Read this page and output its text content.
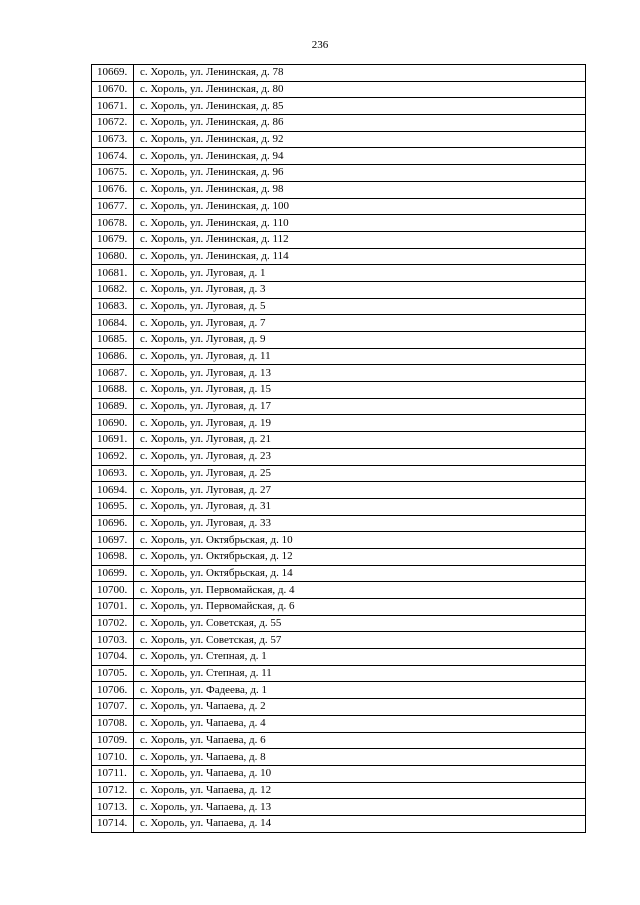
236
10669.	с. Хороль, ул. Ленинская, д. 78
10670.	с. Хороль, ул. Ленинская, д. 80
10671.	с. Хороль, ул. Ленинская, д. 85
10672.	с. Хороль, ул. Ленинская, д. 86
10673.	с. Хороль, ул. Ленинская, д. 92
10674.	с. Хороль, ул. Ленинская, д. 94
10675.	с. Хороль, ул. Ленинская, д. 96
10676.	с. Хороль, ул. Ленинская, д. 98
10677.	с. Хороль, ул. Ленинская, д. 100
10678.	с. Хороль, ул. Ленинская, д. 110
10679.	с. Хороль, ул. Ленинская, д. 112
10680.	с. Хороль, ул. Ленинская, д. 114
10681.	с. Хороль, ул. Луговая, д. 1
10682.	с. Хороль, ул. Луговая, д. 3
10683.	с. Хороль, ул. Луговая, д. 5
10684.	с. Хороль, ул. Луговая, д. 7
10685.	с. Хороль, ул. Луговая, д. 9
10686.	с. Хороль, ул. Луговая, д. 11
10687.	с. Хороль, ул. Луговая, д. 13
10688.	с. Хороль, ул. Луговая, д. 15
10689.	с. Хороль, ул. Луговая, д. 17
10690.	с. Хороль, ул. Луговая, д. 19
10691.	с. Хороль, ул. Луговая, д. 21
10692.	с. Хороль, ул. Луговая, д. 23
10693.	с. Хороль, ул. Луговая, д. 25
10694.	с. Хороль, ул. Луговая, д. 27
10695.	с. Хороль, ул. Луговая, д. 31
10696.	с. Хороль, ул. Луговая, д. 33
10697.	с. Хороль, ул. Октябрьская, д. 10
10698.	с. Хороль, ул. Октябрьская, д. 12
10699.	с. Хороль, ул. Октябрьская, д. 14
10700.	с. Хороль, ул. Первомайская, д. 4
10701.	с. Хороль, ул. Первомайская, д. 6
10702.	с. Хороль, ул. Советская, д. 55
10703.	с. Хороль, ул. Советская, д. 57
10704.	с. Хороль, ул. Степная, д. 1
10705.	с. Хороль, ул. Степная, д. 11
10706.	с. Хороль, ул. Фадеева, д. 1
10707.	с. Хороль, ул. Чапаева, д. 2
10708.	с. Хороль, ул. Чапаева, д. 4
10709.	с. Хороль, ул. Чапаева, д. 6
10710.	с. Хороль, ул. Чапаева, д. 8
10711.	с. Хороль, ул. Чапаева, д. 10
10712.	с. Хороль, ул. Чапаева, д. 12
10713.	с. Хороль, ул. Чапаева, д. 13
10714.	с. Хороль, ул. Чапаева, д. 14
